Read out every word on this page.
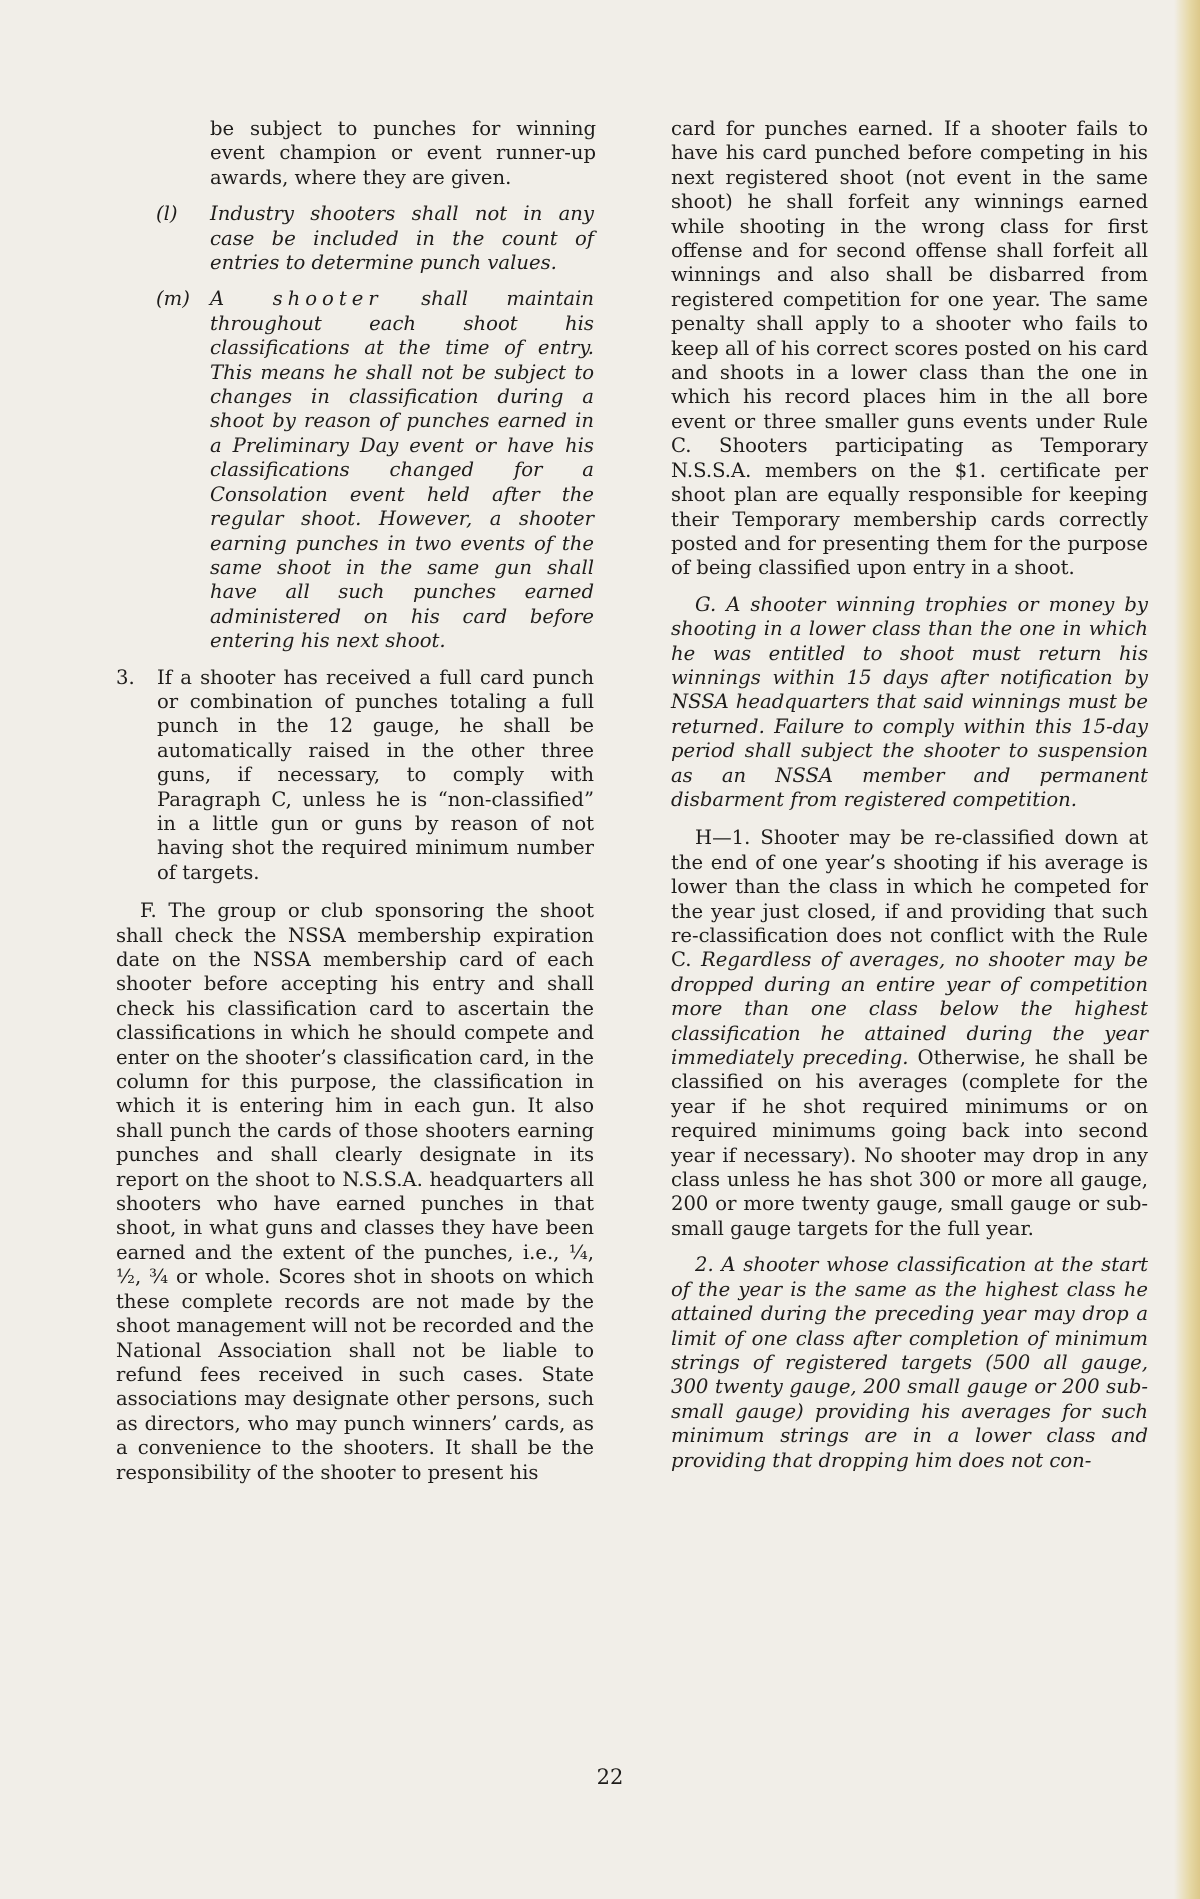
be subject to punches for winning event champion or event runner-up awards, where they are given.

(l) Industry shooters shall not in any case be included in the count of entries to determine punch values.

(m) A shooter shall maintain throughout each shoot his classifications at the time of entry. This means he shall not be subject to changes in classification during a shoot by reason of punches earned in a Preliminary Day event or have his classifications changed for a Consolation event held after the regular shoot. However, a shooter earning punches in two events of the same shoot in the same gun shall have all such punches earned administered on his card before entering his next shoot.

3. If a shooter has received a full card punch or combination of punches totaling a full punch in the 12 gauge, he shall be automatically raised in the other three guns, if necessary, to comply with Paragraph C, unless he is “non-classified” in a little gun or guns by reason of not having shot the required minimum number of targets.

F. The group or club sponsoring the shoot shall check the NSSA membership expiration date on the NSSA membership card of each shooter before accepting his entry and shall check his classification card to ascertain the classifications in which he should compete and enter on the shooter’s classification card, in the column for this purpose, the classification in which it is entering him in each gun. It also shall punch the cards of those shooters earning punches and shall clearly designate in its report on the shoot to N.S.S.A. headquarters all shooters who have earned punches in that shoot, in what guns and classes they have been earned and the extent of the punches, i.e., ¼, ½, ¾ or whole. Scores shot in shoots on which these complete records are not made by the shoot management will not be recorded and the National Association shall not be liable to refund fees received in such cases. State associations may designate other persons, such as directors, who may punch winners’ cards, as a convenience to the shooters. It shall be the responsibility of the shooter to present his

card for punches earned. If a shooter fails to have his card punched before competing in his next registered shoot (not event in the same shoot) he shall forfeit any winnings earned while shooting in the wrong class for first offense and for second offense shall forfeit all winnings and also shall be disbarred from registered competition for one year. The same penalty shall apply to a shooter who fails to keep all of his correct scores posted on his card and shoots in a lower class than the one in which his record places him in the all bore event or three smaller guns events under Rule C. Shooters participating as Temporary N.S.S.A. members on the $1. certificate per shoot plan are equally responsible for keeping their Temporary membership cards correctly posted and for presenting them for the purpose of being classified upon entry in a shoot.

G. A shooter winning trophies or money by shooting in a lower class than the one in which he was entitled to shoot must return his winnings within 15 days after notification by NSSA headquarters that said winnings must be returned. Failure to comply within this 15-day period shall subject the shooter to suspension as an NSSA member and permanent disbarment from registered competition.

H—1. Shooter may be re-classified down at the end of one year’s shooting if his average is lower than the class in which he competed for the year just closed, if and providing that such re-classification does not conflict with the Rule C. Regardless of averages, no shooter may be dropped during an entire year of competition more than one class below the highest classification he attained during the year immediately preceding. Otherwise, he shall be classified on his averages (complete for the year if he shot required minimums or on required minimums going back into second year if necessary). No shooter may drop in any class unless he has shot 300 or more all gauge, 200 or more twenty gauge, small gauge or sub-small gauge targets for the full year.

2. A shooter whose classification at the start of the year is the same as the highest class he attained during the preceding year may drop a limit of one class after completion of minimum strings of registered targets (500 all gauge, 300 twenty gauge, 200 small gauge or 200 sub-small gauge) providing his averages for such minimum strings are in a lower class and providing that dropping him does not con-

22
